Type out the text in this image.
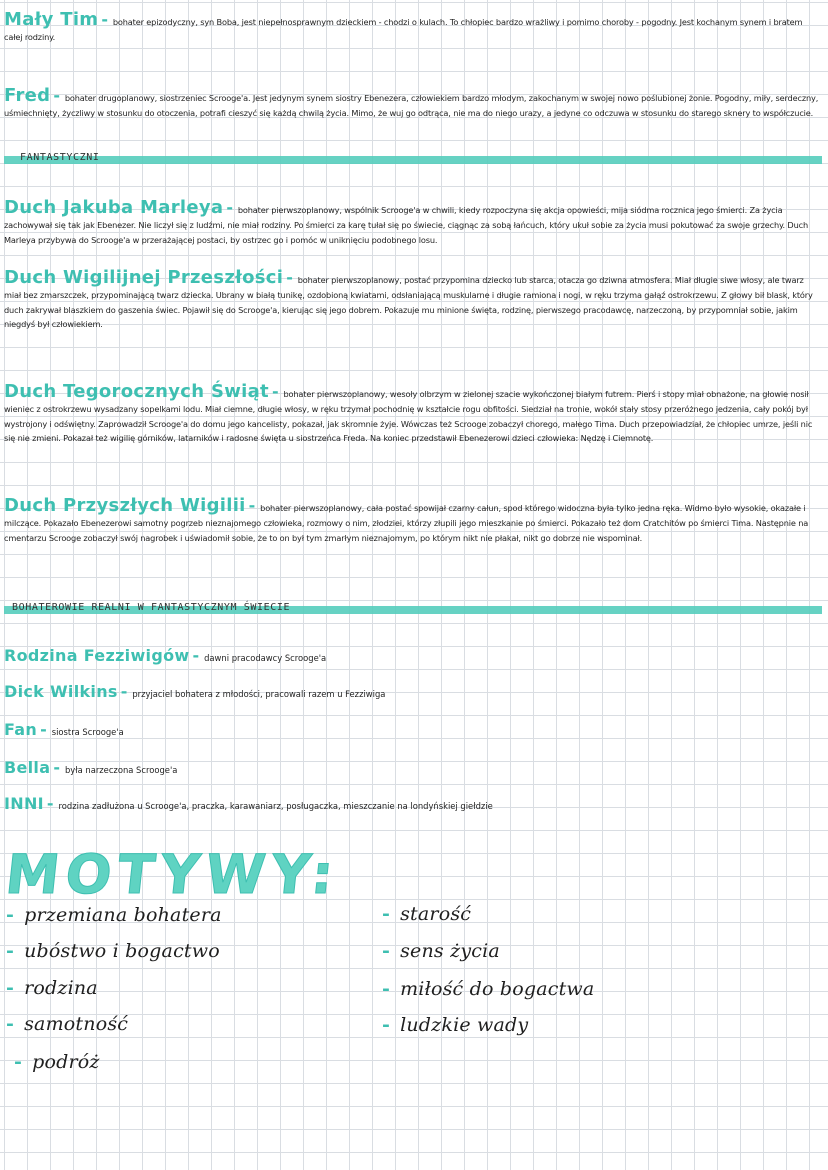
Mały Tim - bohater epizodyczny, syn Boba, jest niepełnosprawnym dzieckiem - chodzi o kulach. To chłopiec bardzo wrażliwy i pomimo choroby - pogodny. Jest kochanym synem i bratem całej rodziny.
Fred - bohater drugoplanowy, siostrzeniec Scrooge'a. Jest jedynym synem siostry Ebenezera, człowiekiem bardzo młodym, zakochanym w swojej nowo poślubionej żonie. Pogodny, miły, serdeczny, uśmiechnięty, życzliwy w stosunku do otoczenia, potrafi cieszyć się każdą chwilą życia. Mimo, że wuj go odtrąca, nie ma do niego urazy, a jedyne co odczuwa w stosunku do starego sknery to współczucie.
FANTASTYCZNI
Duch Jakuba Marleya - bohater pierwszoplanowy, wspólnik Scrooge'a w chwili, kiedy rozpoczyna się akcja opowieści, mija siódma rocznica jego śmierci. Za życia zachowywał się tak jak Ebenezer. Nie liczył się z ludźmi, nie miał rodziny. Po śmierci za karę tułał się po świecie, ciągnąc za sobą łańcuch, który ukuł sobie za życia musi pokutować za swoje grzechy. Duch Marleya przybywa do Scrooge'a w przerażającej postaci, by ostrzec go i pomóc w uniknięciu podobnego losu.
Duch Wigilijnej Przeszłości - bohater pierwszoplanowy, postać przypomina dziecko lub starca, otacza go dziwna atmosfera. Miał długie siwe włosy, ale twarz miał bez zmarszczek, przypominającą twarz dziecka. Ubrany w białą tunikę, ozdobioną kwiatami, odsłaniającą muskularne i długie ramiona i nogi, w ręku trzyma gałąź ostrokrzewu. Z głowy bił blask, który duch zakrywał blaszkiem do gaszenia świec. Pojawił się do Scrooge'a, kierując się jego dobrem. Pokazuje mu minione święta, rodzinę, pierwszego pracodawcę, narzeczoną, by przypomniał sobie, jakim niegdyś był człowiekiem.
Duch Tegorocznych Świąt - bohater pierwszoplanowy, wesoły olbrzym w zielonej szacie wykończonej białym futrem. Pierś i stopy miał obnażone, na głowie nosił wieniec z ostrokrzewu wysadzany sopelkami lodu. Miał ciemne, długie włosy, w ręku trzymał pochodnię w kształcie rogu obfitości. Siedział na tronie, wokół stały stosy przeróżnego jedzenia, cały pokój był wystrojony i odświętny. Zaprowadził Scrooge'a do domu jego kancelisty, pokazał, jak skromnie żyje. Wówczas też Scrooge zobaczył chorego, małego Tima. Duch przepowiadział, że chłopiec umrze, jeśli nic się nie zmieni. Pokazał też wigilię górników, latarników i radosne święta u siostrzeńca Freda. Na koniec przedstawił Ebenezerowi dzieci człowieka: Nędzę i Ciemnotę.
Duch Przyszłych Wigilii - bohater pierwszoplanowy, cała postać spowijał czarny całun, spod którego widoczna była tylko jedna ręka. Widmo było wysokie, okazałe i milczące. Pokazało Ebenezerowi samotny pogrzeb nieznajomego człowieka, rozmowy o nim, złodziei, którzy złupili jego mieszkanie po śmierci. Pokazało też dom Cratchitów po śmierci Tima. Następnie na cmentarzu Scrooge zobaczył swój nagrobek i uświadomił sobie, że to on był tym zmarłym nieznajomym, po którym nikt nie płakał, nikt go dobrze nie wspominał.
BOHATEROWIE REALNI W FANTASTYCZNYM ŚWIECIE
Rodzina Fezziwigów - dawni pracodawcy Scrooge'a
Dick Wilkins - przyjaciel bohatera z młodości, pracowali razem u Fezziwiga
Fan - siostra Scrooge'a
Bella - była narzeczona Scrooge'a
INNI - rodzina zadłużona u Scrooge'a, praczka, karawaniarz, posługaczka, mieszczanie na londyńskiej giełdzie
MOTYWY:
- przemiana bohatera
- ubóstwo i bogactwo
- rodzina
- samotność
- podróż
- starość
- sens życia
- miłość do bogactwa
- ludzkie wady
